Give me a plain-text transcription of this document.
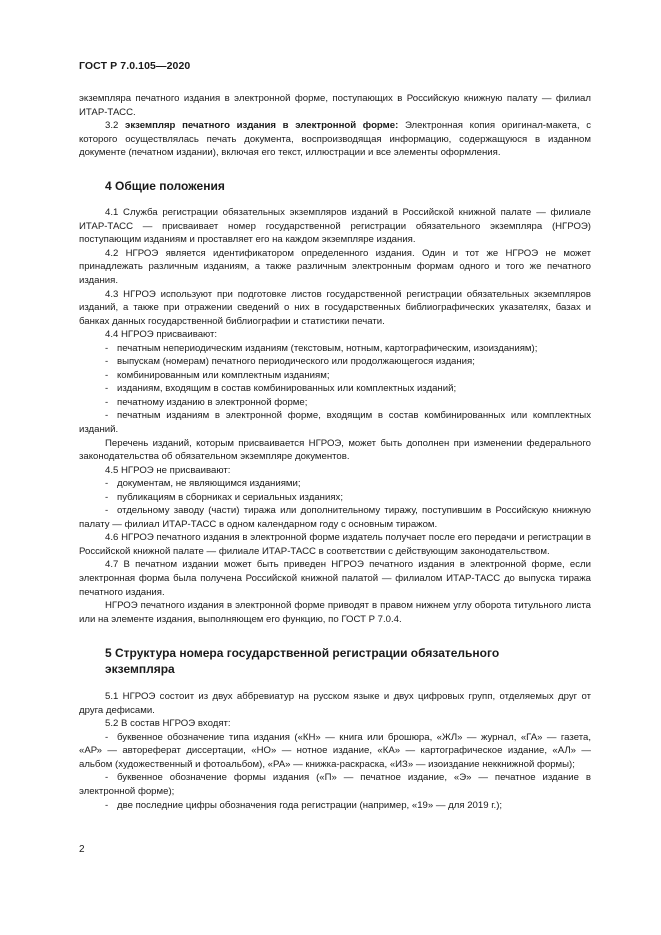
ГОСТ Р 7.0.105—2020

экземпляра печатного издания в электронной форме, поступающих в Российскую книжную палату — филиал ИТАР-ТАСС.

3.2 экземпляр печатного издания в электронной форме: Электронная копия оригинал-макета, с которого осуществлялась печать документа, воспроизводящая информацию, содержащуюся в изданном документе (печатном издании), включая его текст, иллюстрации и все элементы оформления.

4 Общие положения

4.1 Служба регистрации обязательных экземпляров изданий в Российской книжной палате — филиале ИТАР-ТАСС — присваивает номер государственной регистрации обязательного экземпляра (НГРОЭ) поступающим изданиям и проставляет его на каждом экземпляре издания.

4.2 НГРОЭ является идентификатором определенного издания. Один и тот же НГРОЭ не может принадлежать различным изданиям, а также различным электронным формам одного и того же печатного издания.

4.3 НГРОЭ используют при подготовке листов государственной регистрации обязательных экземпляров изданий, а также при отражении сведений о них в государственных библиографических указателях, базах и банках данных государственной библиографии и статистики печати.

4.4 НГРОЭ присваивают:

- печатным непериодическим изданиям (текстовым, нотным, картографическим, изоизданиям);

- выпускам (номерам) печатного периодического или продолжающегося издания;

- комбинированным или комплектным изданиям;

- изданиям, входящим в состав комбинированных или комплектных изданий;

- печатному изданию в электронной форме;

- печатным изданиям в электронной форме, входящим в состав комбинированных или комплектных изданий.

Перечень изданий, которым присваивается НГРОЭ, может быть дополнен при изменении федерального законодательства об обязательном экземпляре документов.

4.5 НГРОЭ не присваивают:

- документам, не являющимся изданиями;

- публикациям в сборниках и сериальных изданиях;

- отдельному заводу (части) тиража или дополнительному тиражу, поступившим в Российскую книжную палату — филиал ИТАР-ТАСС в одном календарном году с основным тиражом.

4.6 НГРОЭ печатного издания в электронной форме издатель получает после его передачи и регистрации в Российской книжной палате — филиале ИТАР-ТАСС в соответствии с действующим законодательством.

4.7 В печатном издании может быть приведен НГРОЭ печатного издания в электронной форме, если электронная форма была получена Российской книжной палатой — филиалом ИТАР-ТАСС до выпуска тиража печатного издания.

НГРОЭ печатного издания в электронной форме приводят в правом нижнем углу оборота титульного листа или на элементе издания, выполняющем его функцию, по ГОСТ Р 7.0.4.

5 Структура номера государственной регистрации обязательного
экземпляра

5.1 НГРОЭ состоит из двух аббревиатур на русском языке и двух цифровых групп, отделяемых друг от друга дефисами.

5.2 В состав НГРОЭ входят:

- буквенное обозначение типа издания («КН» — книга или брошюра, «ЖЛ» — журнал, «ГА» — газета, «АР» — автореферат диссертации, «НО» — нотное издание, «КА» — картографическое издание, «АЛ» — альбом (художественный и фотоальбом), «РА» — книжка-раскраска, «ИЗ» — изоиздание неккнижной формы);

- буквенное обозначение формы издания («П» — печатное издание, «Э» — печатное издание в электронной форме);

- две последние цифры обозначения года регистрации (например, «19» — для 2019 г.);

2
